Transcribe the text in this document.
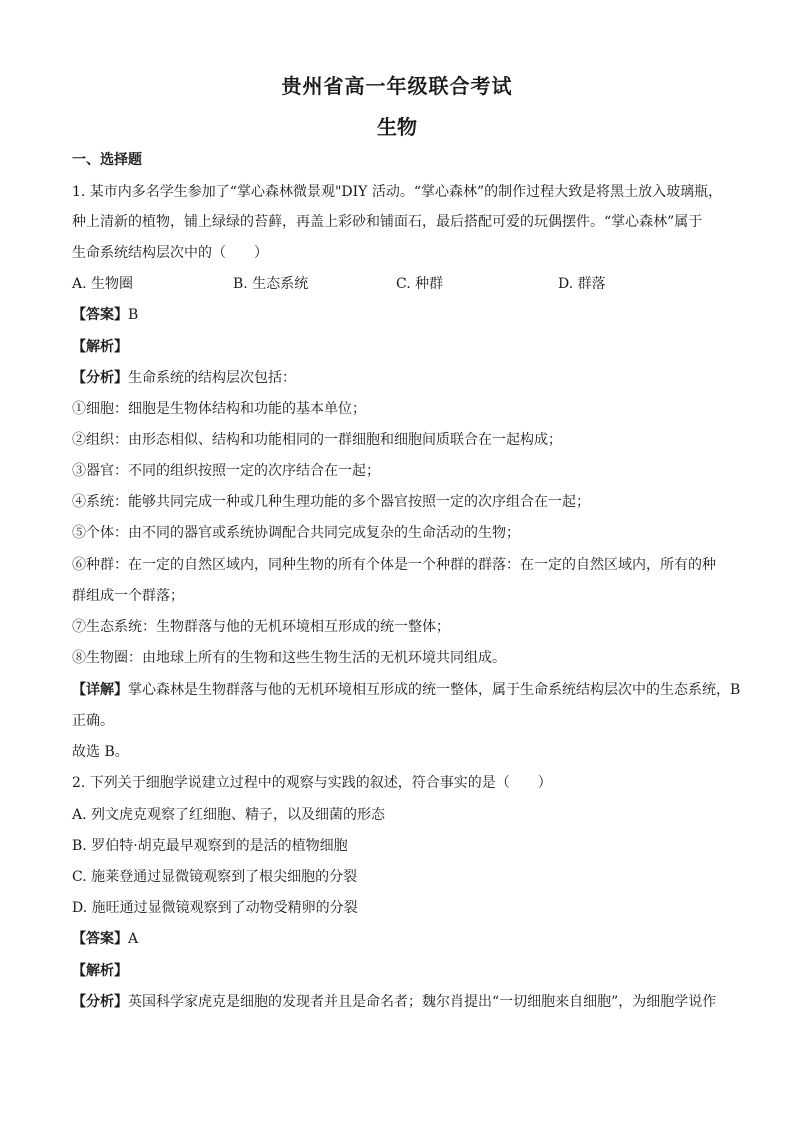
贵州省高一年级联合考试
生物
一、选择题
1. 某市内多名学生参加了“掌心森林微景观"DIY 活动。“掌心森林”的制作过程大致是将黑土放入玻璃瓶，
种上清新的植物，铺上绿绿的苔藓，再盖上彩砂和铺面石，最后搭配可爱的玩偶摆件。“掌心森林”属于
生命系统结构层次中的（　　）
A. 生物圈	B. 生态系统	C. 种群	D. 群落
【答案】B
【解析】
【分析】生命系统的结构层次包括：
①细胞：细胞是生物体结构和功能的基本单位；
②组织：由形态相似、结构和功能相同的一群细胞和细胞间质联合在一起构成；
③器官：不同的组织按照一定的次序结合在一起；
④系统：能够共同完成一种或几种生理功能的多个器官按照一定的次序组合在一起；
⑤个体：由不同的器官或系统协调配合共同完成复杂的生命活动的生物；
⑥种群：在一定的自然区域内，同种生物的所有个体是一个种群的群落：在一定的自然区域内，所有的种
群组成一个群落；
⑦生态系统：生物群落与他的无机环境相互形成的统一整体；
⑧生物圈：由地球上所有的生物和这些生物生活的无机环境共同组成。
【详解】掌心森林是生物群落与他的无机环境相互形成的统一整体，属于生命系统结构层次中的生态系统，B
正确。
故选 B。
2. 下列关于细胞学说建立过程中的观察与实践的叙述，符合事实的是（　　）
A. 列文虎克观察了红细胞、精子，以及细菌的形态
B. 罗伯特·胡克最早观察到的是活的植物细胞
C. 施莱登通过显微镜观察到了根尖细胞的分裂
D. 施旺通过显微镜观察到了动物受精卵的分裂
【答案】A
【解析】
【分析】英国科学家虎克是细胞的发现者并且是命名者；魏尔肖提出“一切细胞来自细胞”，为细胞学说作
